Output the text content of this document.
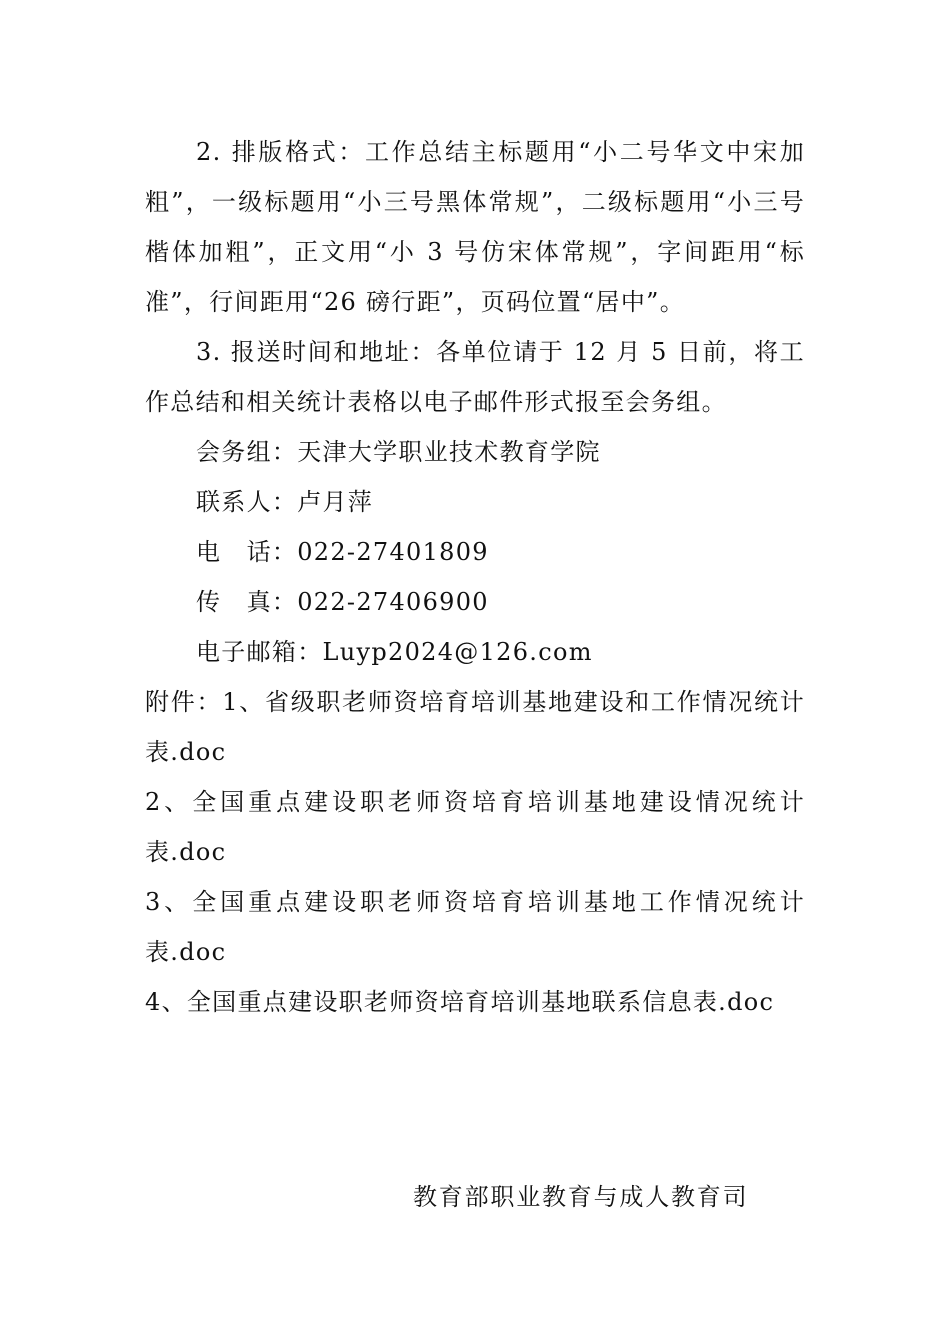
2. 排版格式：工作总结主标题用“小二号华文中宋加粗”，一级标题用“小三号黑体常规”，二级标题用“小三号楷体加粗”，正文用“小 3 号仿宋体常规”，字间距用“标准”，行间距用“26 磅行距”，页码位置“居中”。

3. 报送时间和地址：各单位请于 12 月 5 日前，将工作总结和相关统计表格以电子邮件形式报至会务组。

会务组：天津大学职业技术教育学院

联系人：卢月萍

电　话：022-27401809

传　真：022-27406900

电子邮箱：Luyp2024@126.com

附件：1、省级职老师资培育培训基地建设和工作情况统计表.doc

2、全国重点建设职老师资培育培训基地建设情况统计表.doc

3、全国重点建设职老师资培育培训基地工作情况统计表.doc

4、全国重点建设职老师资培育培训基地联系信息表.doc

教育部职业教育与成人教育司
